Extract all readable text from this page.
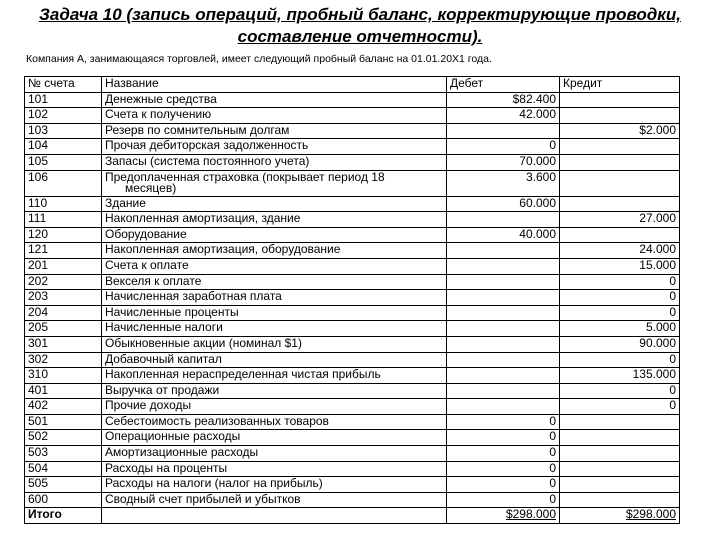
Задача 10 (запись операций, пробный баланс, корректирующие проводки,
составление отчетности).
Компания А, занимающаяся торговлей, имеет следующий пробный баланс на 01.01.20X1 года.
№ счета	Название	Дебет	Кредит
101	Денежные средства	$82.400	
102	Счета к получению	42.000	
103	Резерв по сомнительным долгам		$2.000
104	Прочая дебиторская задолженность	0	
105	Запасы (система постоянного учета)	70.000	
106	Предоплаченная страховка (покрывает период 18
месяцев)	3.600	
110	Здание	60.000	
111	Накопленная амортизация, здание		27.000
120	Оборудование	40.000	
121	Накопленная амортизация, оборудование		24.000
201	Счета к оплате		15.000
202	Векселя к оплате		0
203	Начисленная заработная плата		0
204	Начисленные проценты		0
205	Начисленные налоги		5.000
301	Обыкновенные акции (номинал $1)		90.000
302	Добавочный капитал		0
310	Накопленная нераспределенная чистая прибыль		135.000
401	Выручка от продажи		0
402	Прочие доходы		0
501	Себестоимость реализованных товаров	0	
502	Операционные расходы	0	
503	Амортизационные расходы	0	
504	Расходы на проценты	0	
505	Расходы на налоги (налог на прибыль)	0	
600	Сводный счет прибылей и убытков	0	
Итого		$298.000	$298.000
